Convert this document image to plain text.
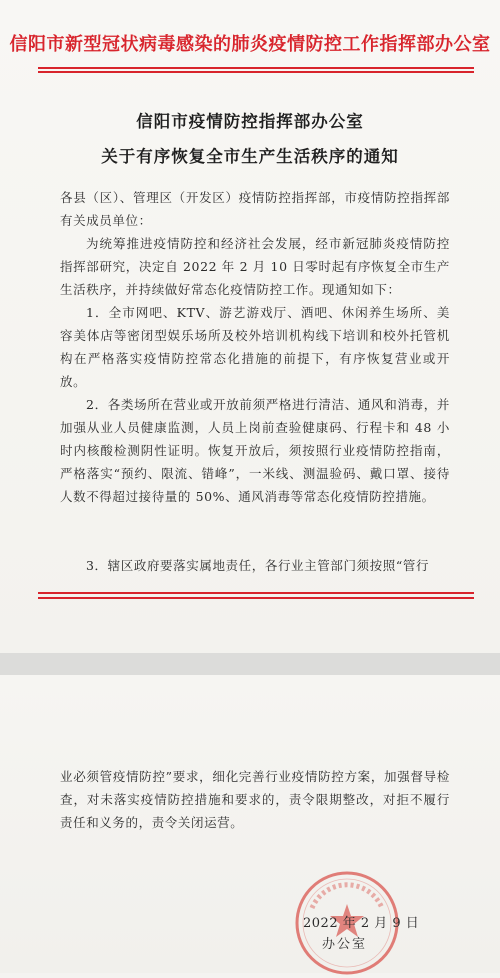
信阳市新型冠状病毒感染的肺炎疫情防控工作指挥部办公室
信阳市疫情防控指挥部办公室
关于有序恢复全市生产生活秩序的通知

各县（区）、管理区（开发区）疫情防控指挥部，市疫情防控指挥部有关成员单位：

为统筹推进疫情防控和经济社会发展，经市新冠肺炎疫情防控指挥部研究，决定自 2022 年 2 月 10 日零时起有序恢复全市生产生活秩序，并持续做好常态化疫情防控工作。现通知如下：

1．全市网吧、KTV、游艺游戏厅、酒吧、休闲养生场所、美容美体店等密闭型娱乐场所及校外培训机构线下培训和校外托管机构在严格落实疫情防控常态化措施的前提下，有序恢复营业或开放。

2．各类场所在营业或开放前须严格进行清洁、通风和消毒，并加强从业人员健康监测，人员上岗前查验健康码、行程卡和 48 小时内核酸检测阴性证明。恢复开放后，须按照行业疫情防控指南，严格落实“预约、限流、错峰”，一米线、测温验码、戴口罩、接待人数不得超过接待量的 50%、通风消毒等常态化疫情防控措施。

3．辖区政府要落实属地责任，各行业主管部门须按照“管行

业必须管疫情防控”要求，细化完善行业疫情防控方案，加强督导检查，对未落实疫情防控措施和要求的，责令限期整改，对拒不履行责任和义务的，责令关闭运营。

2022 年 2 月 9 日
办公室
